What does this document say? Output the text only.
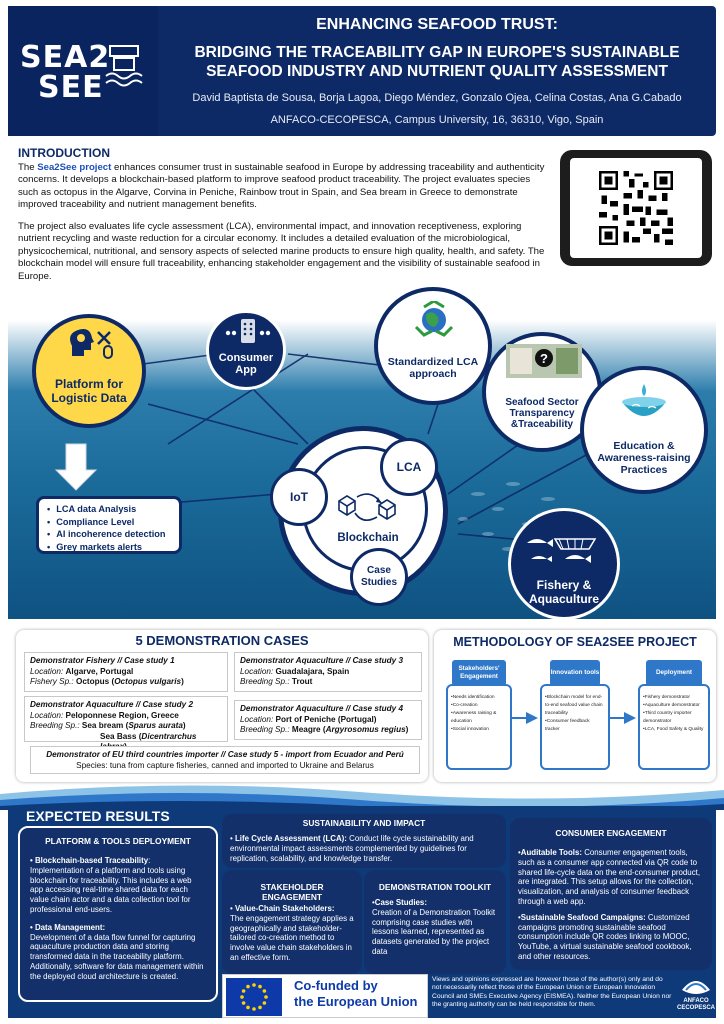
SEA2
SEE
ENHANCING SEAFOOD TRUST:
BRIDGING THE TRACEABILITY GAP IN EUROPE'S SUSTAINABLE SEAFOOD INDUSTRY AND NUTRIENT QUALITY ASSESSMENT
David Baptista de Sousa, Borja Lagoa, Diego Méndez, Gonzalo Ojea, Celina Costas, Ana G.Cabado
ANFACO-CECOPESCA, Campus University, 16, 36310, Vigo, Spain
INTRODUCTION
The Sea2See project enhances consumer trust in sustainable seafood in Europe by addressing traceability and authenticity concerns. It develops a blockchain-based platform to improve seafood product traceability. The project evaluates species such as octopus in the Algarve, Corvina in Peniche, Rainbow trout in Spain, and Sea bream in Greece to demonstrate improved traceability and nutrient management benefits.
The project also evaluates life cycle assessment (LCA), environmental impact, and innovation receptiveness, exploring nutrient recycling and waste reduction for a circular economy. It includes a detailed evaluation of the microbiological, physicochemical, nutritional, and sensory aspects of selected marine products to ensure high quality, health, and safety. The blockchain model will ensure full traceability, enhancing stakeholder engagement and the visibility of sustainable seafood in Europe.
Platform for Logistic Data
Consumer App
Standardized LCA approach
?
Seafood Sector Transparency &Traceability
Education & Awareness-raising Practices
Fishery & Aquaculture
• LCA data Analysis
• Compliance Level
• AI incoherence detection
• Grey markets alerts
IoT
LCA
Case Studies
Blockchain
5 DEMONSTRATION CASES
Demonstrator Fishery // Case study 1
Location: Algarve, Portugal
Fishery Sp.: Octopus (Octopus vulgaris)
Demonstrator Aquaculture // Case study 2
Location: Peloponnese Region, Greece
Breeding Sp.: Sea bream (Sparus aurata)
Sea Bass (Dicentrarchus
Demonstrator Aquaculture // Case study 3
Location: Guadalajara, Spain
Breeding Sp.: Trout
Demonstrator Aquaculture // Case study 4
Location: Port of Peniche (Portugal)
Breeding Sp.: Meagre (Argyrosomus regius)
Demonstrator of EU third countries importer // Case study 5 - import from Ecuador and Perú
Species: tuna from capture fisheries, canned and imported to Ukraine and Belarus
METHODOLOGY OF SEA2SEE PROJECT
• Needs identification
• Co-creation
• Awareness raising & education
• Social innovation
Stakeholders' Engagement
• Blockchain model for end-to-end seafood value chain traceability
• Consumer feedback tracker
Innovation tools
• Fishery demonstrator
• Aquaculture demonstrator
• Third country importer demonstrator
• LCA, Food Safety & Quality
Deployment
EXPECTED RESULTS
PLATFORM & TOOLS DEPLOYMENT
• Blockchain-based Traceability:
Implementation of a platform and tools using blockchain for traceability. This includes a web app accessing real-time shared data for each value chain actor and a data collection tool for professional end-users.
• Data Management:
Development of a data flow funnel for capturing aquaculture production data and storing transformed data in the traceability platform. Additionally, software for data management within the deployed cloud architecture is created.
SUSTAINABILITY AND IMPACT
• Life Cycle Assessment (LCA): Conduct life cycle sustainability and environmental impact assessments complemented by guidelines for replication, scalability, and knowledge transfer.
STAKEHOLDER ENGAGEMENT
• Value-Chain Stakeholders:
The engagement strategy applies a geographically and stakeholder-tailored co-creation method to involve value chain stakeholders in an effective form.
DEMONSTRATION TOOLKIT
•Case Studies:
Creation of a Demonstration Toolkit comprising case studies with lessons learned, represented as datasets generated by the project data
CONSUMER ENGAGEMENT
•Auditable Tools: Consumer engagement tools, such as a consumer app connected via QR code to shared life-cycle data on the end-consumer product, are integrated. This setup allows for the collection, visualization, and analysis of consumer feedback through a web app.
•Sustainable Seafood Campaigns: Customized campaigns promoting sustainable seafood consumption include QR codes linking to MOOC, YouTube, a virtual sustainable seafood cookbook, and other resources.
Co-funded by
the European Union
Views and opinions expressed are however those of the author(s) only and do not necessarily reflect those of the European Union or European Innovation Council and SMEs Executive Agency (EISMEA). Neither the European Union nor the granting authority can be held responsible for them.
ANFACO CECOPESCA
